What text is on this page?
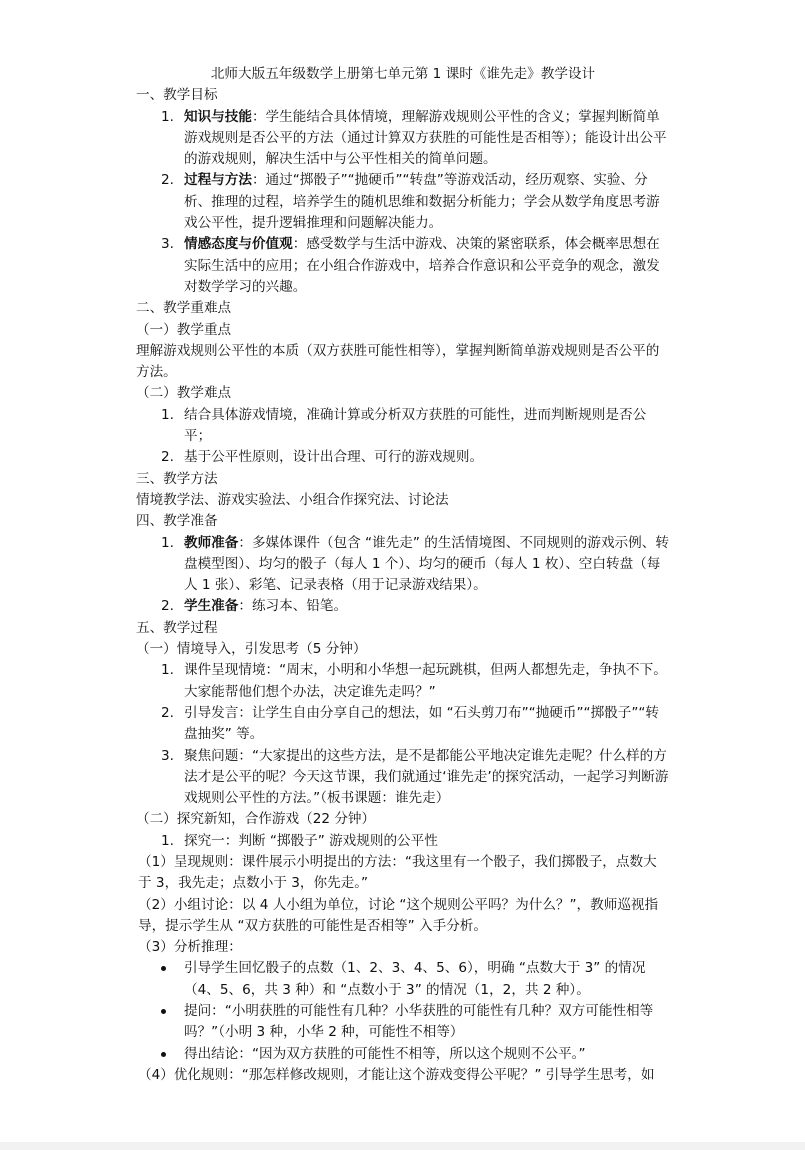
北师大版五年级数学上册第七单元第 1 课时《谁先走》教学设计

一、教学目标

1. 知识与技能：学生能结合具体情境，理解游戏规则公平性的含义；掌握判断简单游戏规则是否公平的方法（通过计算双方获胜的可能性是否相等）；能设计出公平的游戏规则，解决生活中与公平性相关的简单问题。
2. 过程与方法：通过“掷骰子”“抛硬币”“转盘”等游戏活动，经历观察、实验、分析、推理的过程，培养学生的随机思维和数据分析能力；学会从数学角度思考游戏公平性，提升逻辑推理和问题解决能力。
3. 情感态度与价值观：感受数学与生活中游戏、决策的紧密联系，体会概率思想在实际生活中的应用；在小组合作游戏中，培养合作意识和公平竞争的观念，激发对数学学习的兴趣。

二、教学重难点

（一）教学重点

理解游戏规则公平性的本质（双方获胜可能性相等），掌握判断简单游戏规则是否公平的方法。

（二）教学难点

1. 结合具体游戏情境，准确计算或分析双方获胜的可能性，进而判断规则是否公平；
2. 基于公平性原则，设计出合理、可行的游戏规则。

三、教学方法

情境教学法、游戏实验法、小组合作探究法、讨论法

四、教学准备

1. 教师准备：多媒体课件（包含 “谁先走” 的生活情境图、不同规则的游戏示例、转盘模型图）、均匀的骰子（每人 1 个）、均匀的硬币（每人 1 枚）、空白转盘（每人 1 张）、彩笔、记录表格（用于记录游戏结果）。
2. 学生准备：练习本、铅笔。

五、教学过程

（一）情境导入，引发思考（5 分钟）

1. 课件呈现情境：“周末，小明和小华想一起玩跳棋，但两人都想先走，争执不下。大家能帮他们想个办法，决定谁先走吗？”
2. 引导发言：让学生自由分享自己的想法，如 “石头剪刀布”“抛硬币”“掷骰子”“转盘抽奖” 等。
3. 聚焦问题：“大家提出的这些方法，是不是都能公平地决定谁先走呢？什么样的方法才是公平的呢？今天这节课，我们就通过‘谁先走’的探究活动，一起学习判断游戏规则公平性的方法。”（板书课题：谁先走）

（二）探究新知，合作游戏（22 分钟）

1. 探究一：判断 “掷骰子” 游戏规则的公平性

（1）呈现规则：课件展示小明提出的方法：“我这里有一个骰子，我们掷骰子，点数大于 3，我先走；点数小于 3，你先走。”

（2）小组讨论：以 4 人小组为单位，讨论 “这个规则公平吗？为什么？”，教师巡视指导，提示学生从 “双方获胜的可能性是否相等” 入手分析。

（3）分析推理：

引导学生回忆骰子的点数（1、2、3、4、5、6），明确 “点数大于 3” 的情况（4、5、6，共 3 种）和 “点数小于 3” 的情况（1，2，共 2 种）。

提问：“小明获胜的可能性有几种？小华获胜的可能性有几种？双方可能性相等吗？”（小明 3 种，小华 2 种，可能性不相等）

得出结论：“因为双方获胜的可能性不相等，所以这个规则不公平。”

（4）优化规则：“那怎样修改规则，才能让这个游戏变得公平呢？” 引导学生思考，如
